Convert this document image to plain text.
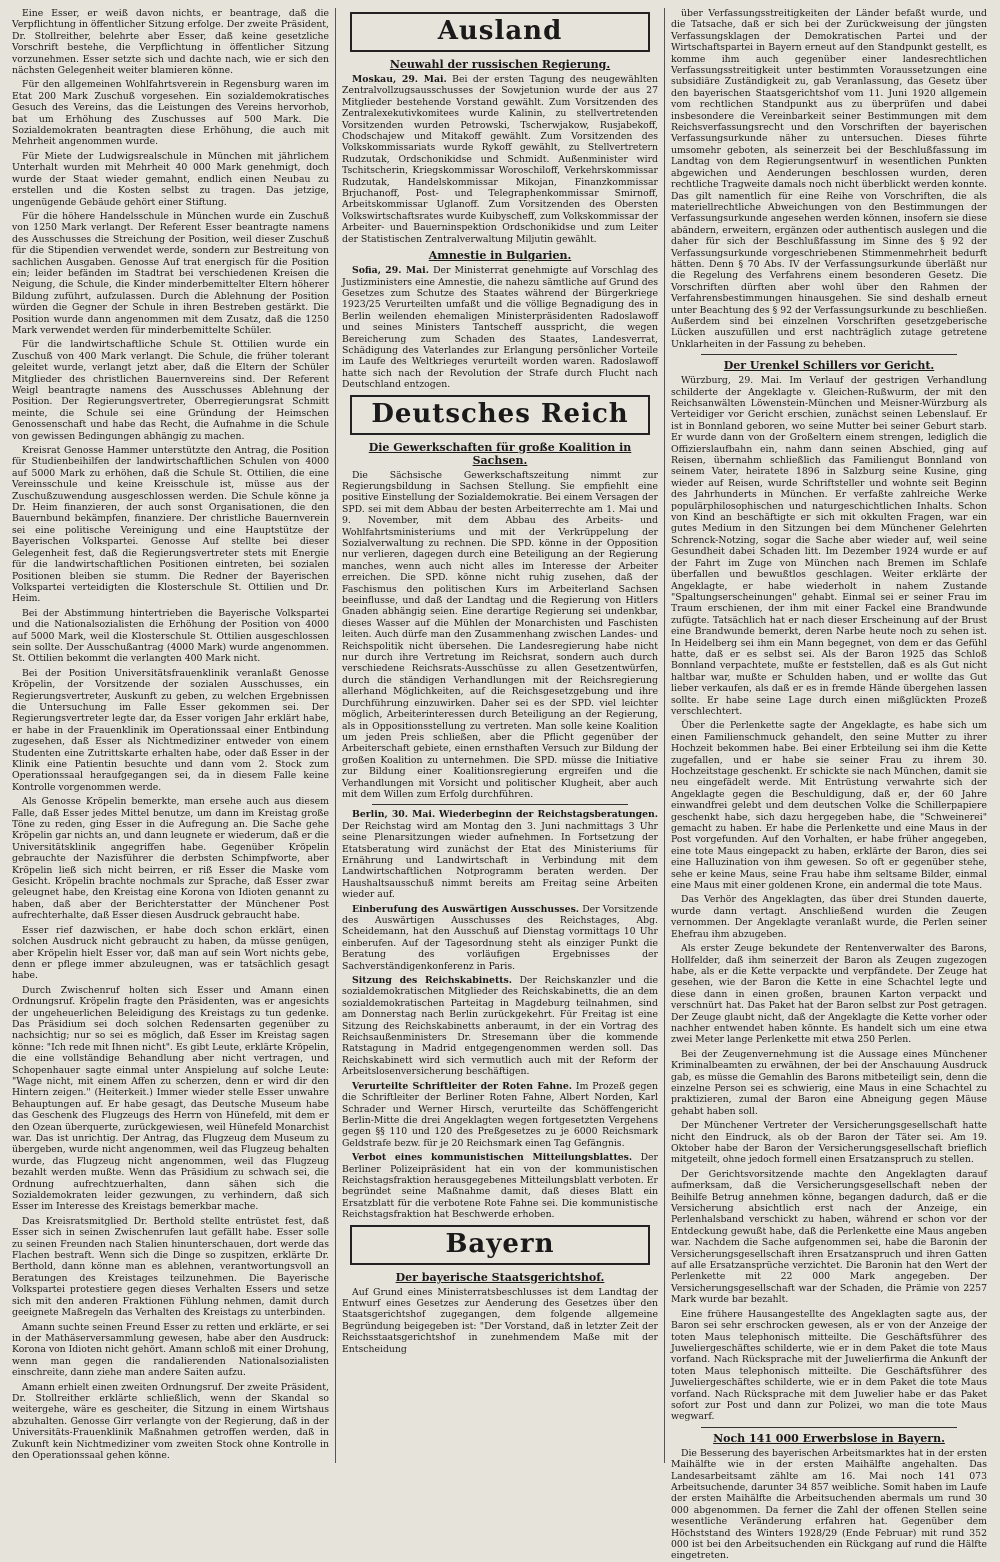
Eine Esser, er weiß davon nichts, er beantrage, daß die Verpflichtung in öffentlicher Sitzung erfolge. Der zweite Präsident, Dr. Stollreither, belehrte aber Esser, daß keine gesetzliche Vorschrift bestehe, die Verpflichtung in öffentlicher Sitzung vorzunehmen. Esser setzte sich und dachte nach, wie er sich den nächsten Gelegenheit weiter blamieren könne.

Für den allgemeinen Wohlfahrtsverein in Regensburg waren im Etat 200 Mark Zuschuß vorgesehen. Ein sozialdemokratisches Gesuch des Vereins, das die Leistungen des Vereins hervorhob, bat um Erhöhung des Zuschusses auf 500 Mark. Die Sozialdemokraten beantragten diese Erhöhung, die auch mit Mehrheit angenommen wurde.

Für Miete der Ludwigsrealschule in München mit jährlichem Unterhalt wurden mit Mehrheit 40 000 Mark genehmigt, doch wurde der Staat wieder gemahnt, endlich einen Neubau zu erstellen und die Kosten selbst zu tragen. Das jetzige, ungenügende Gebäude gehört einer Stiftung.

Für die höhere Handelsschule in München wurde ein Zuschuß von 1250 Mark verlangt. Der Referent Esser beantragte namens des Ausschusses die Streichung der Position, weil dieser Zuschuß für die Stipendien verwendet werde, sondern zur Bestreitung von sachlichen Ausgaben. Genosse Auf trat energisch für die Position ein; leider befänden im Stadtrat bei verschiedenen Kreisen die Neigung, die Schule, die Kinder minderbemittelter Eltern höherer Bildung zuführt, aufzulassen. Durch die Ablehnung der Position würden die Gegner der Schule in ihren Bestreben gestärkt. Die Position wurde dann angenommen mit dem Zusatz, daß die 1250 Mark verwendet werden für minderbemittelte Schüler.

Für die landwirtschaftliche Schule St. Ottilien wurde ein Zuschuß von 400 Mark verlangt. Die Schule, die früher tolerant geleitet wurde, verlangt jetzt aber, daß die Eltern der Schüler Mitglieder des christlichen Bauernvereins sind. Der Referent Weigl beantragte namens des Ausschusses Ablehnung der Position. Der Regierungsvertreter, Oberregierungsrat Schmitt meinte, die Schule sei eine Gründung der Heimschen Genossenschaft und habe das Recht, die Aufnahme in die Schule von gewissen Bedingungen abhängig zu machen.

Kreisrat Genosse Hammer unterstützte den Antrag, die Position für Studienbeihilfen der landwirtschaftlichen Schulen von 4000 auf 5000 Mark zu erhöhen, daß die Schule St. Ottilien, die eine Vereinsschule und keine Kreisschule ist, müsse aus der Zuschußzuwendung ausgeschlossen werden. Die Schule könne ja Dr. Heim finanzieren, der auch sonst Organisationen, die den Bauernbund bekämpfen, finanziere. Der christliche Bauernverein sei eine politische Vereinigung und eine Hauptstütze der Bayerischen Volkspartei. Genosse Auf stellte bei dieser Gelegenheit fest, daß die Regierungsvertreter stets mit Energie für die landwirtschaftlichen Positionen eintreten, bei sozialen Positionen bleiben sie stumm. Die Redner der Bayerischen Volkspartei verteidigten die Klosterschule St. Ottilien und Dr. Heim.

Bei der Abstimmung hintertrieben die Bayerische Volkspartei und die Nationalsozialisten die Erhöhung der Position von 4000 auf 5000 Mark, weil die Klosterschule St. Ottilien ausgeschlossen sein sollte. Der Ausschußantrag (4000 Mark) wurde angenommen. St. Ottilien bekommt die verlangten 400 Mark nicht.

Bei der Position Universitätsfrauenklinik veranlaßt Genosse Kröpelin, der Vorsitzende der sozialen Ausschusses, ein Regierungsvertreter, Auskunft zu geben, zu welchen Ergebnissen die Untersuchung im Falle Esser gekommen sei. Der Regierungsvertreter legte dar, da Esser vorigen Jahr erklärt habe, er habe in der Frauenklinik im Operationssaal einer Entbindung zugesehen, daß Esser als Nichtmediziner entweder von einem Studenten eine Zutrittskarte erhalten habe, oder daß Esser in der Klinik eine Patientin besuchte und dann vom 2. Stock zum Operationssaal heraufgegangen sei, da in diesem Falle keine Kontrolle vorgenommen werde.

Als Genosse Kröpelin bemerkte, man ersehe auch aus diesem Falle, daß Esser jedes Mittel benutze, um dann im Kreistag große Töne zu reden, ging Esser in die Aufregung an. Die Sache gehe Kröpelin gar nichts an, und dann leugnete er wiederum, daß er die Universitätsklinik angegriffen habe. Gegenüber Kröpelin gebrauchte der Nazisführer die derbsten Schimpfworte, aber Kröpelin ließ sich nicht beirren, er riß Esser die Maske vom Gesicht. Kröpelin brachte nochmals zur Sprache, daß Esser zwar geleugnet habe, den Kreistag eine Korona von Idioten genannt zu haben, daß aber der Berichterstatter der Münchener Post aufrechterhalte, daß Esser diesen Ausdruck gebraucht habe.

Esser rief dazwischen, er habe doch schon erklärt, einen solchen Ausdruck nicht gebraucht zu haben, da müsse genügen, aber Kröpelin hielt Esser vor, daß man auf sein Wort nichts gebe, denn er pflege immer abzuleugnen, was er tatsächlich gesagt habe.

Durch Zwischenruf holten sich Esser und Amann einen Ordnungsruf. Kröpelin fragte den Präsidenten, was er angesichts der ungeheuerlichen Beleidigung des Kreistags zu tun gedenke. Das Präsidium sei doch solchen Redensarten gegenüber zu nachsichtig; nur so sei es möglich, daß Esser im Kreistag sagen könne: "Ich rede mit Ihnen nicht". Es gibt Leute, erklärte Kröpelin, die eine vollständige Behandlung aber nicht vertragen, und Schopenhauer sagte einmal unter Anspielung auf solche Leute: "Wage nicht, mit einem Affen zu scherzen, denn er wird dir den Hintern zeigen." (Heiterkeit.) Immer wieder stelle Esser unwahre Behauptungen auf. Er habe gesagt, das Deutsche Museum habe das Geschenk des Flugzeugs des Herrn von Hünefeld, mit dem er den Ozean überquerte, zurückgewiesen, weil Hünefeld Monarchist war. Das ist unrichtig. Der Antrag, das Flugzeug dem Museum zu übergeben, wurde nicht angenommen, weil das Flugzeug behalten wurde, das Flugzeug nicht angenommen, weil das Flugzeug bezahlt werden mußte. Wenn das Präsidium zu schwach sei, die Ordnung aufrechtzuerhalten, dann sähen sich die Sozialdemokraten leider gezwungen, zu verhindern, daß sich Esser im Interesse des Kreistags bemerkbar mache.

Das Kreisratsmitglied Dr. Berthold stellte entrüstet fest, daß Esser sich in seinen Zwischenrufen laut gefällt habe. Esser solle zu seinen Freunden nach Stalien hinunterschauen, dort werde das Flachen bestraft. Wenn sich die Dinge so zuspitzen, erklärte Dr. Berthold, dann könne man es ablehnen, verantwortungsvoll an Beratungen des Kreistages teilzunehmen. Die Bayerische Volkspartei protestiere gegen dieses Verhalten Essers und setze sich mit den anderen Fraktionen Fühlung nehmen, damit durch geeignete Maßregeln das Verhalten des Kreistags zu unterbinden.

Amann suchte seinen Freund Esser zu retten und erklärte, er sei in der Mathäserversammlung gewesen, habe aber den Ausdruck: Korona von Idioten nicht gehört. Amann schloß mit einer Drohung, wenn man gegen die randalierenden Nationalsozialisten einschreite, dann ziehe man andere Saiten aufzu.

Amann erhielt einen zweiten Ordnungsruf. Der zweite Präsident, Dr. Stollreither erklärte schließlich, wenn der Skandal so weitergehe, wäre es gescheiter, die Sitzung in einem Wirtshaus abzuhalten. Genosse Girr verlangte von der Regierung, daß in der Universitäts-Frauenklinik Maßnahmen getroffen werden, daß in Zukunft kein Nichtmediziner vom zweiten Stock ohne Kontrolle in den Operationssaal gehen könne.

Ausland
Neuwahl der russischen Regierung.

Moskau, 29. Mai. Bei der ersten Tagung des neugewählten Zentralvollzugsausschusses der Sowjetunion wurde der aus 27 Mitglieder bestehende Vorstand gewählt. Zum Vorsitzenden des Zentralexekutivkomitees wurde Kalinin, zu stellvertretenden Vorsitzenden wurden Petrowski, Tscherwjakow, Rusjabekoff, Chodschajew und Mitakoff gewählt. Zum Vorsitzenden des Volkskommissariats wurde Rykoff gewählt, zu Stellvertretern Rudzutak, Ordschonikidse und Schmidt. Außenminister wird Tschitscherin, Kriegskommissar Woroschiloff, Verkehrskommissar Rudzutak, Handelskommissar Mikojan, Finanzkommissar Brjuchanoff, Post- und Telegraphenkommissar Smirnoff, Arbeitskommissar Uglanoff. Zum Vorsitzenden des Obersten Volkswirtschaftsrates wurde Kuibyscheff, zum Volkskommissar der Arbeiter- und Bauerninspektion Ordschonikidse und zum Leiter der Statistischen Zentralverwaltung Miljutin gewählt.

Amnestie in Bulgarien.

Sofia, 29. Mai. Der Ministerrat genehmigte auf Vorschlag des Justizministers eine Amnestie, die nahezu sämtliche auf Grund des Gesetzes zum Schutze des Staates während der Bürgerkriege 1923/25 Verurteilten umfaßt und die völlige Begnadigung des in Berlin weilenden ehemaligen Ministerpräsidenten Radoslawoff und seines Ministers Tantscheff ausspricht, die wegen Bereicherung zum Schaden des Staates, Landesverrat, Schädigung des Vaterlandes zur Erlangung persönlicher Vorteile im Laufe des Weltkrieges verurteilt worden waren. Radoslawoff hatte sich nach der Revolution der Strafe durch Flucht nach Deutschland entzogen.

Deutsches Reich
Die Gewerkschaften für große Koalition in Sachsen.

Die Sächsische Gewerkschaftszeitung nimmt zur Regierungsbildung in Sachsen Stellung. Sie empfiehlt eine positive Einstellung der Sozialdemokratie. Bei einem Versagen der SPD. sei mit dem Abbau der besten Arbeiterrechte am 1. Mai und 9. November, mit dem Abbau des Arbeits- und Wohlfahrtsministeriums und mit der Verkrüppelung der Sozialverwaltung zu rechnen. Die SPD. könne in der Opposition nur verlieren, dagegen durch eine Beteiligung an der Regierung manches, wenn auch nicht alles im Interesse der Arbeiter erreichen. Die SPD. könne nicht ruhig zusehen, daß der Faschismus den politischen Kurs im Arbeiterland Sachsen beeinflusse, und daß der Landtag und die Regierung von Hitlers Gnaden abhängig seien. Eine derartige Regierung sei undenkbar, dieses Wasser auf die Mühlen der Monarchisten und Faschisten leiten. Auch dürfe man den Zusammenhang zwischen Landes- und Reichspolitik nicht übersehen. Die Landesregierung habe nicht nur durch ihre Vertretung im Reichsrat, sondern auch durch verschiedene Reichsrats-Ausschüsse zu allen Gesetzentwürfen, durch die ständigen Verhandlungen mit der Reichsregierung allerhand Möglichkeiten, auf die Reichsgesetzgebung und ihre Durchführung einzuwirken. Daher sei es der SPD. viel leichter möglich, Arbeiterinteressen durch Beteiligung an der Regierung, als in Oppositionsstellung zu vertreten. Man solle keine Koalition um jeden Preis schließen, aber die Pflicht gegenüber der Arbeiterschaft gebiete, einen ernsthaften Versuch zur Bildung der großen Koalition zu unternehmen. Die SPD. müsse die Initiative zur Bildung einer Koalitionsregierung ergreifen und die Verhandlungen mit Vorsicht und politischer Klugheit, aber auch mit dem Willen zum Erfolg durchführen.

Berlin, 30. Mai. Wiederbeginn der Reichstagsberatungen. Der Reichstag wird am Montag den 3. Juni nachmittags 3 Uhr seine Plenarsitzungen wieder aufnehmen. In Fortsetzung der Etatsberatung wird zunächst der Etat des Ministeriums für Ernährung und Landwirtschaft in Verbindung mit dem Landwirtschaftlichen Notprogramm beraten werden. Der Haushaltsausschuß nimmt bereits am Freitag seine Arbeiten wieder auf.

Einberufung des Auswärtigen Ausschusses. Der Vorsitzende des Auswärtigen Ausschusses des Reichstages, Abg. Scheidemann, hat den Ausschuß auf Dienstag vormittags 10 Uhr einberufen. Auf der Tagesordnung steht als einziger Punkt die Beratung des vorläufigen Ergebnisses der Sachverständigenkonferenz in Paris.

Sitzung des Reichskabinetts. Der Reichskanzler und die sozialdemokratischen Mitglieder des Reichskabinetts, die an dem sozialdemokratischen Parteitag in Magdeburg teilnahmen, sind am Donnerstag nach Berlin zurückgekehrt. Für Freitag ist eine Sitzung des Reichskabinetts anberaumt, in der ein Vortrag des Reichsaußenministers Dr. Stresemann über die kommende Ratstagung in Madrid entgegengenommen werden soll. Das Reichskabinett wird sich vermutlich auch mit der Reform der Arbeitslosenversicherung beschäftigen.

Verurteilte Schriftleiter der Roten Fahne. Im Prozeß gegen die Schriftleiter der Berliner Roten Fahne, Albert Norden, Karl Schrader und Werner Hirsch, verurteilte das Schöffengericht Berlin-Mitte die drei Angeklagten wegen fortgesetzten Vergehens gegen §§ 110 und 120 des Preßgesetzes zu je 6000 Reichsmark Geldstrafe bezw. für je 20 Reichsmark einen Tag Gefängnis.

Verbot eines kommunistischen Mitteilungsblattes. Der Berliner Polizeipräsident hat ein von der kommunistischen Reichstagsfraktion herausgegebenes Mitteilungsblatt verboten. Er begründet seine Maßnahme damit, daß dieses Blatt ein Ersatzblatt für die verbotene Rote Fahne sei. Die kommunistische Reichstagsfraktion hat Beschwerde erhoben.

Bayern
Der bayerische Staatsgerichtshof.

Auf Grund eines Ministerratsbeschlusses ist dem Landtag der Entwurf eines Gesetzes zur Aenderung des Gesetzes über den Staatsgerichtshof zugegangen, dem folgende allgemeine Begründung beigegeben ist: "Der Vorstand, daß in letzter Zeit der Reichsstaatsgerichtshof in zunehmendem Maße mit der Entscheidung

über Verfassungsstreitigkeiten der Länder befaßt wurde, und die Tatsache, daß er sich bei der Zurückweisung der jüngsten Verfassungsklagen der Demokratischen Partei und der Wirtschaftspartei in Bayern erneut auf den Standpunkt gestellt, es komme ihm auch gegenüber einer landesrechtlichen Verfassungsstreitigkeit unter bestimmten Voraussetzungen eine subsidiäre Zuständigkeit zu, gab Veranlassung, das Gesetz über den bayerischen Staatsgerichtshof vom 11. Juni 1920 allgemein vom rechtlichen Standpunkt aus zu überprüfen und dabei insbesondere die Vereinbarkeit seiner Bestimmungen mit dem Reichsverfassungsrecht und den Vorschriften der bayerischen Verfassungsurkunde näher zu untersuchen. Dieses führte umsomehr geboten, als seinerzeit bei der Beschlußfassung im Landtag von dem Regierungsentwurf in wesentlichen Punkten abgewichen und Aenderungen beschlossen wurden, deren rechtliche Tragweite damals noch nicht überblickt werden konnte. Das gilt namentlich für eine Reihe von Vorschriften, die als materiellrechtliche Abweichungen von den Bestimmungen der Verfassungsurkunde angesehen werden können, insofern sie diese abändern, erweitern, ergänzen oder authentisch auslegen und die daher für sich der Beschlußfassung im Sinne des § 92 der Verfassungsurkunde vorgeschriebenen Stimmenmehrheit bedurft hätten. Denn § 70 Abs. IV der Verfassungsurkunde überläßt nur die Regelung des Verfahrens einem besonderen Gesetz. Die Vorschriften dürften aber wohl über den Rahmen der Verfahrensbestimmungen hinausgehen. Sie sind deshalb erneut unter Beachtung des § 92 der Verfassungsurkunde zu beschließen. Außerdem sind bei einzelnen Vorschriften gesetzgeberische Lücken auszufüllen und erst nachträglich zutage getretene Unklarheiten in der Fassung zu beheben.

Der Urenkel Schillers vor Gericht.

Würzburg, 29. Mai. Im Verlauf der gestrigen Verhandlung schilderte der Angeklagte v. Gleichen-Rußwurm, der mit den Reichsanwälten Löwenstein-München und Meisner-Würzburg als Verteidiger vor Gericht erschien, zunächst seinen Lebenslauf. Er ist in Bonnland geboren, wo seine Mutter bei seiner Geburt starb. Er wurde dann von der Großeltern einem strengen, lediglich die Offizierslaufbahn ein, nahm dann seinen Abschied, ging auf Reisen, übernahm schließlich das Familiengut Bonnland von seinem Vater, heiratete 1896 in Salzburg seine Kusine, ging wieder auf Reisen, wurde Schriftsteller und wohnte seit Beginn des Jahrhunderts in München. Er verfaßte zahlreiche Werke populärphilosophischen und naturgeschichtlichen Inhalts. Schon von Kind an beschäftigte er sich mit okkulten Fragen, war ein gutes Medium in den Sitzungen bei dem Münchener Gelehrten Schrenck-Notzing, sogar die Sache aber wieder auf, weil seine Gesundheit dabei Schaden litt. Im Dezember 1924 wurde er auf der Fahrt im Zuge von München nach Bremen im Schlafe überfallen und bewußtlos geschlagen. Weiter erklärte der Angeklagte, er habe wiederholt in nahem Zustande "Spaltungserscheinungen" gehabt. Einmal sei er seiner Frau im Traum erschienen, der ihm mit einer Fackel eine Brandwunde zufügte. Tatsächlich hat er nach dieser Erscheinung auf der Brust eine Brandwunde bemerkt, deren Narbe heute noch zu sehen ist. In Heidelberg sei ihm ein Mann begegnet, von dem er das Gefühl hatte, daß er es selbst sei. Als der Baron 1925 das Schloß Bonnland verpachtete, mußte er feststellen, daß es als Gut nicht haltbar war, mußte er Schulden haben, und er wollte das Gut lieber verkaufen, als daß er es in fremde Hände übergehen lassen sollte. Er habe seine Lage durch einen mißglückten Prozeß verschlechtert.

Über die Perlenkette sagte der Angeklagte, es habe sich um einen Familienschmuck gehandelt, den seine Mutter zu ihrer Hochzeit bekommen habe. Bei einer Erbteilung sei ihm die Kette zugefallen, und er habe sie seiner Frau zu ihrem 30. Hochzeitstage geschenkt. Er schickte sie nach München, damit sie neu eingefädelt werde. Mit Entrüstung verwahrte sich der Angeklagte gegen die Beschuldigung, daß er, der 60 Jahre einwandfrei gelebt und dem deutschen Volke die Schillerpapiere geschenkt habe, sich dazu hergegeben habe, die "Schweinerei" gemacht zu haben. Er habe die Perlenkette und eine Maus in der Post vorgefunden. Auf den Vorhalten, er habe früher angegeben, eine tote Maus eingepackt zu haben, erklärte der Baron, dies sei eine Halluzination von ihm gewesen. So oft er gegenüber stehe, sehe er keine Maus, seine Frau habe ihm seltsame Bilder, einmal eine Maus mit einer goldenen Krone, ein andermal die tote Maus.

Das Verhör des Angeklagten, das über drei Stunden dauerte, wurde dann vertagt. Anschließend wurden die Zeugen vernommen. Der Angeklagte veranlaßt wurde, die Perlen seiner Ehefrau ihm abzugeben.

Als erster Zeuge bekundete der Rentenverwalter des Barons, Hollfelder, daß ihm seinerzeit der Baron als Zeugen zugezogen habe, als er die Kette verpackte und verpfändete. Der Zeuge hat gesehen, wie der Baron die Kette in eine Schachtel legte und diese dann in einen großen, braunen Karton verpackt und verschnürt hat. Das Paket hat der Baron selbst zur Post getragen. Der Zeuge glaubt nicht, daß der Angeklagte die Kette vorher oder nachher entwendet haben könnte. Es handelt sich um eine etwa zwei Meter lange Perlenkette mit etwa 250 Perlen.

Bei der Zeugenvernehmung ist die Aussage eines Münchener Kriminalbeamten zu erwähnen, der bei der Anschauung Ausdruck gab, es müsse die Gemahlin des Barons mitbeteiligt sein, denn die einzelne Person sei es schwierig, eine Maus in eine Schachtel zu praktizieren, zumal der Baron eine Abneigung gegen Mäuse gehabt haben soll.

Der Münchener Vertreter der Versicherungsgesellschaft hatte nicht den Eindruck, als ob der Baron der Täter sei. Am 19. Oktober habe der Baron der Versicherungsgesellschaft brieflich mitgeteilt, ohne jedoch formell einen Ersatzanspruch zu stellen.

Der Gerichtsvorsitzende machte den Angeklagten darauf aufmerksam, daß die Versicherungsgesellschaft neben der Beihilfe Betrug annehmen könne, begangen dadurch, daß er die Versicherung absichtlich erst nach der Anzeige, ein Perlenhalsband verschickt zu haben, während er schon vor der Entdeckung gewußt habe, daß die Perlenkette eine Maus angeben war. Nachdem die Sache aufgenommen sei, habe die Baronin der Versicherungsgesellschaft ihren Ersatzanspruch und ihren Gatten auf alle Ersatzansprüche verzichtet. Die Baronin hat den Wert der Perlenkette mit 22 000 Mark angegeben. Der Versicherungsgesellschaft war der Schaden, die Prämie von 2257 Mark wurde bar bezahlt.

Eine frühere Hausangestellte des Angeklagten sagte aus, der Baron sei sehr erschrocken gewesen, als er von der Anzeige der toten Maus telephonisch mitteilte. Die Geschäftsführer des Juweliergeschäftes schilderte, wie er in dem Paket die tote Maus vorfand. Nach Rücksprache mit der Juwelierfirma die Ankunft der toten Maus telephonisch mitteilte. Die Geschäftsführer des Juweliergeschäftes schilderte, wie er in dem Paket die tote Maus vorfand. Nach Rücksprache mit dem Juwelier habe er das Paket sofort zur Post und dann zur Polizei, wo man die tote Maus wegwarf.

Noch 141 000 Erwerbslose in Bayern.

Die Besserung des bayerischen Arbeitsmarktes hat in der ersten Maihälfte wie in der ersten Maihälfte angehalten. Das Landesarbeitsamt zählte am 16. Mai noch 141 073 Arbeitsuchende, darunter 34 857 weibliche. Somit haben im Laufe der ersten Maihälfte die Arbeitsuchenden abermals um rund 30 000 abgenommen. Da ferner die Zahl der offenen Stellen seine wesentliche Veränderung erfahren hat. Gegenüber dem Höchststand des Winters 1928/29 (Ende Februar) mit rund 352 000 ist bei den Arbeitsuchenden ein Rückgang auf rund die Hälfte eingetreten.
